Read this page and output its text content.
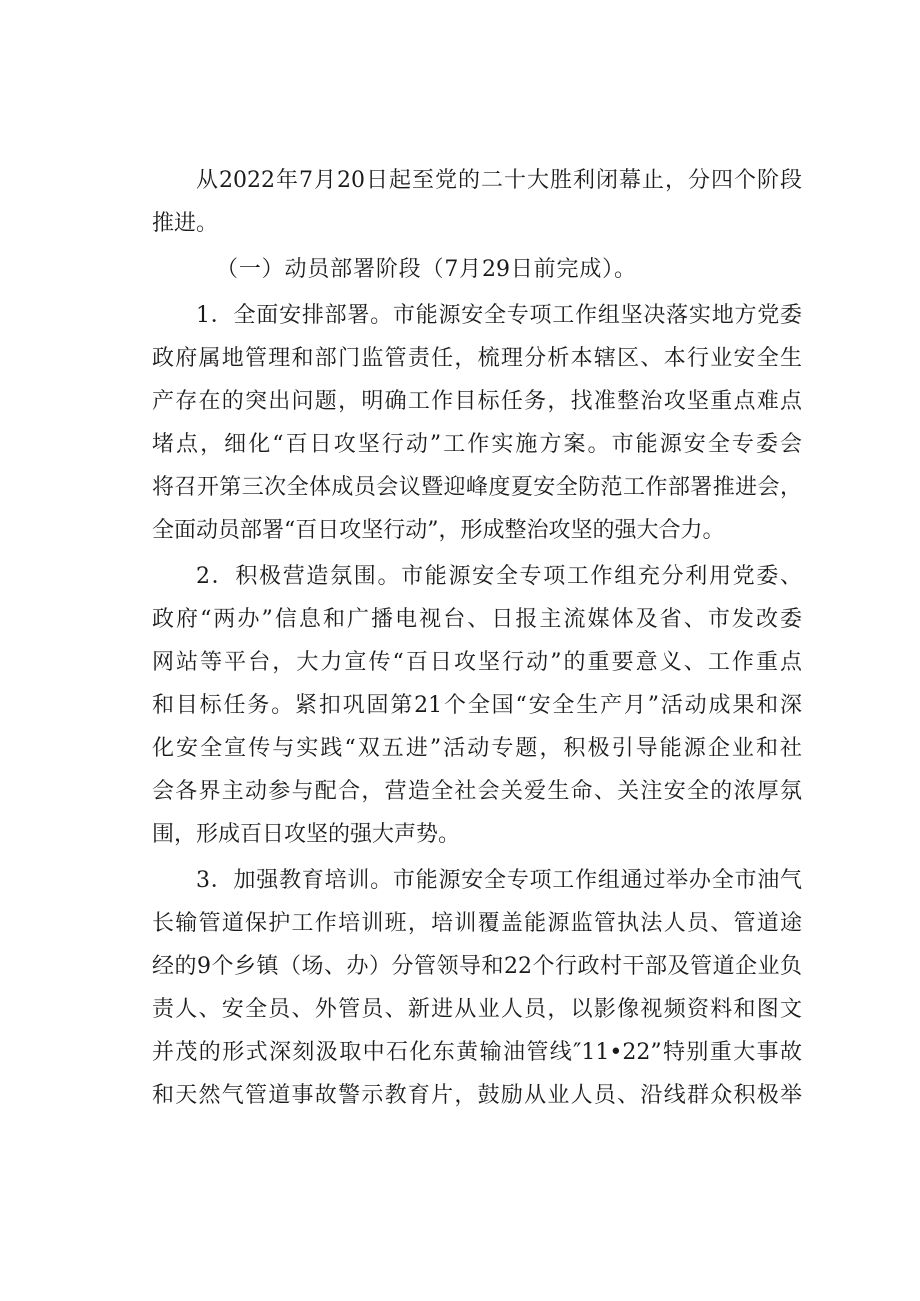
从2022年7月20日起至党的二十大胜利闭幕止，分四个阶段
推进。
（一）动员部署阶段（7月29日前完成）。
1．全面安排部署。市能源安全专项工作组坚决落实地方党委
政府属地管理和部门监管责任，梳理分析本辖区、本行业安全生
产存在的突出问题，明确工作目标任务，找准整治攻坚重点难点
堵点，细化“百日攻坚行动”工作实施方案。市能源安全专委会
将召开第三次全体成员会议暨迎峰度夏安全防范工作部署推进会，
全面动员部署“百日攻坚行动”，形成整治攻坚的强大合力。
2．积极营造氛围。市能源安全专项工作组充分利用党委、
政府“两办”信息和广播电视台、日报主流媒体及省、市发改委
网站等平台，大力宣传“百日攻坚行动”的重要意义、工作重点
和目标任务。紧扣巩固第21个全国“安全生产月”活动成果和深
化安全宣传与实践“双五进”活动专题，积极引导能源企业和社
会各界主动参与配合，营造全社会关爱生命、关注安全的浓厚氛
围，形成百日攻坚的强大声势。
3．加强教育培训。市能源安全专项工作组通过举办全市油气
长输管道保护工作培训班，培训覆盖能源监管执法人员、管道途
经的9个乡镇（场、办）分管领导和22个行政村干部及管道企业负
责人、安全员、外管员、新进从业人员，以影像视频资料和图文
并茂的形式深刻汲取中石化东黄输油管线″11•22”特别重大事故
和天然气管道事故警示教育片，鼓励从业人员、沿线群众积极举
